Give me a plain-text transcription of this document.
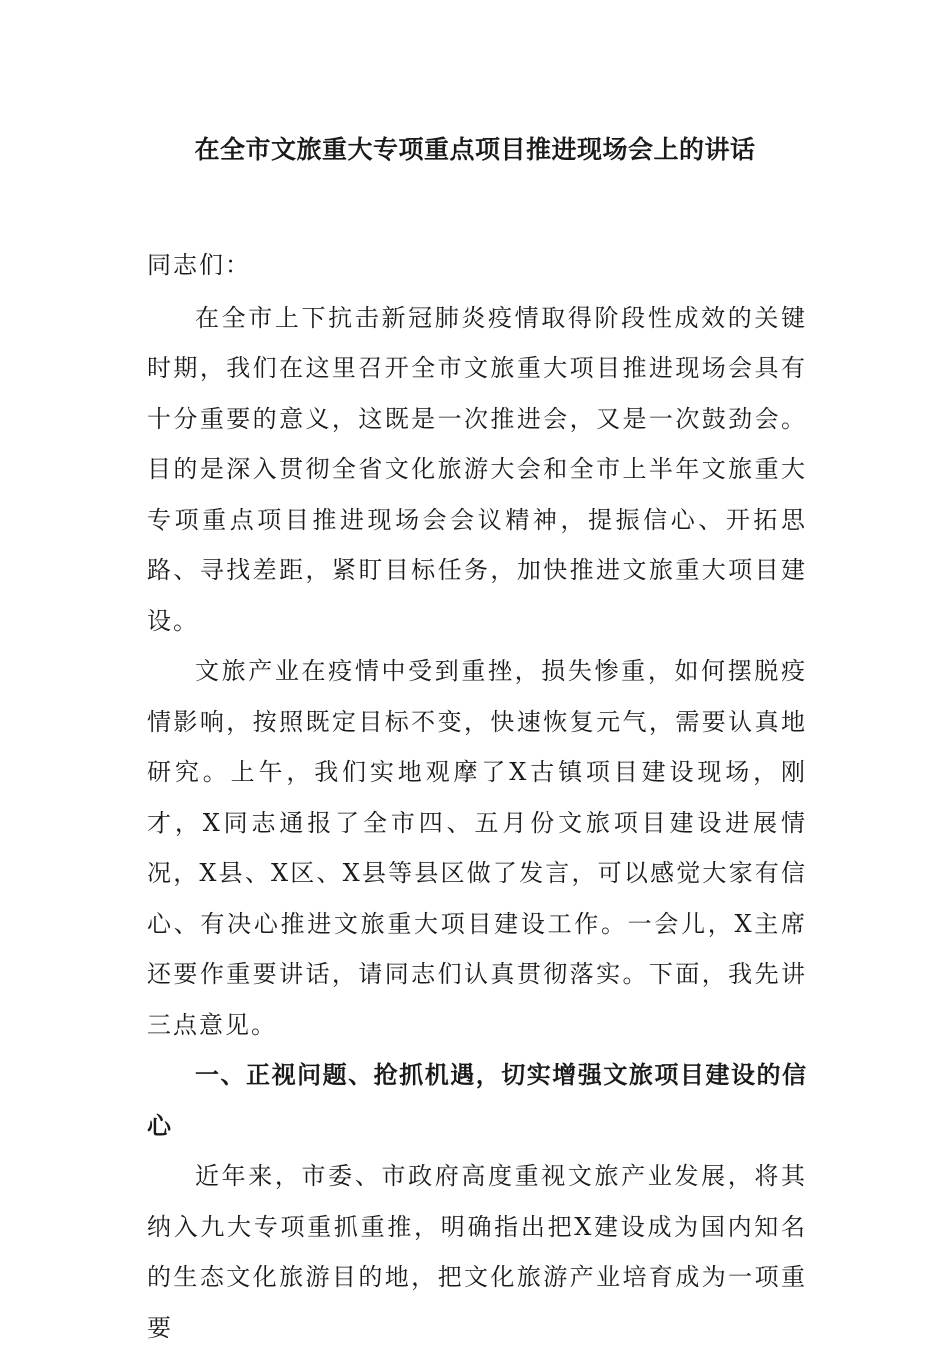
在全市文旅重大专项重点项目推进现场会上的讲话

同志们：

在全市上下抗击新冠肺炎疫情取得阶段性成效的关键时期，我们在这里召开全市文旅重大项目推进现场会具有十分重要的意义，这既是一次推进会，又是一次鼓劲会。目的是深入贯彻全省文化旅游大会和全市上半年文旅重大专项重点项目推进现场会会议精神，提振信心、开拓思路、寻找差距，紧盯目标任务，加快推进文旅重大项目建设。

文旅产业在疫情中受到重挫，损失惨重，如何摆脱疫情影响，按照既定目标不变，快速恢复元气，需要认真地研究。上午，我们实地观摩了X古镇项目建设现场，刚才，X同志通报了全市四、五月份文旅项目建设进展情况，X县、X区、X县等县区做了发言，可以感觉大家有信心、有决心推进文旅重大项目建设工作。一会儿，X主席还要作重要讲话，请同志们认真贯彻落实。下面，我先讲三点意见。

一、正视问题、抢抓机遇，切实增强文旅项目建设的信心

近年来，市委、市政府高度重视文旅产业发展，将其纳入九大专项重抓重推，明确指出把X建设成为国内知名的生态文化旅游目的地，把文化旅游产业培育成为一项重要
